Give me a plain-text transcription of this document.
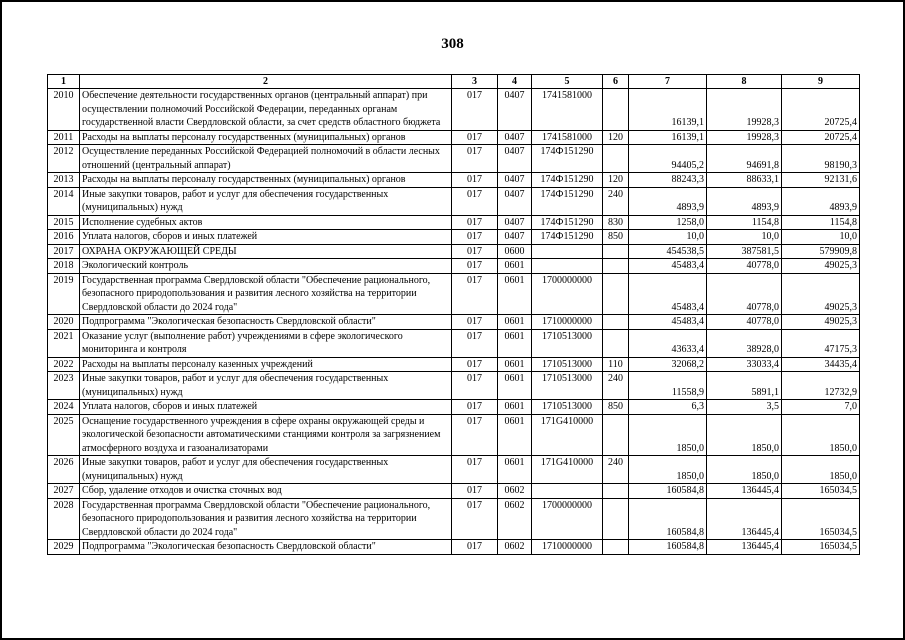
308
1	2	3	4	5	6	7	8	9
2010	Обеспечение деятельности государственных органов (центральный аппарат) при осуществлении полномочий Российской Федерации, переданных органам государственной власти Свердловской области, за счет средств областного бюджета	017	0407	1741581000		16139,1	19928,3	20725,4
2011	Расходы на выплаты персоналу государственных (муниципальных) органов	017	0407	1741581000	120	16139,1	19928,3	20725,4
2012	Осуществление переданных Российской Федерацией полномочий в области лесных отношений (центральный аппарат)	017	0407	174Ф151290		94405,2	94691,8	98190,3
2013	Расходы на выплаты персоналу государственных (муниципальных) органов	017	0407	174Ф151290	120	88243,3	88633,1	92131,6
2014	Иные закупки товаров, работ и услуг для обеспечения государственных (муниципальных) нужд	017	0407	174Ф151290	240	4893,9	4893,9	4893,9
2015	Исполнение судебных актов	017	0407	174Ф151290	830	1258,0	1154,8	1154,8
2016	Уплата налогов, сборов и иных платежей	017	0407	174Ф151290	850	10,0	10,0	10,0
2017	ОХРАНА ОКРУЖАЮЩЕЙ СРЕДЫ	017	0600			454538,5	387581,5	579909,8
2018	Экологический контроль	017	0601			45483,4	40778,0	49025,3
2019	Государственная программа Свердловской области "Обеспечение рационального, безопасного природопользования и развития лесного хозяйства на территории Свердловской области до 2024 года"	017	0601	1700000000		45483,4	40778,0	49025,3
2020	Подпрограмма "Экологическая безопасность Свердловской области"	017	0601	1710000000		45483,4	40778,0	49025,3
2021	Оказание услуг (выполнение работ) учреждениями в сфере экологического мониторинга и контроля	017	0601	1710513000		43633,4	38928,0	47175,3
2022	Расходы на выплаты персоналу казенных учреждений	017	0601	1710513000	110	32068,2	33033,4	34435,4
2023	Иные закупки товаров, работ и услуг для обеспечения государственных (муниципальных) нужд	017	0601	1710513000	240	11558,9	5891,1	12732,9
2024	Уплата налогов, сборов и иных платежей	017	0601	1710513000	850	6,3	3,5	7,0
2025	Оснащение государственного учреждения в сфере охраны окружающей среды и экологической безопасности автоматическими станциями контроля за загрязнением атмосферного воздуха и газоанализаторами	017	0601	171G410000		1850,0	1850,0	1850,0
2026	Иные закупки товаров, работ и услуг для обеспечения государственных (муниципальных) нужд	017	0601	171G410000	240	1850,0	1850,0	1850,0
2027	Сбор, удаление отходов и очистка сточных вод	017	0602			160584,8	136445,4	165034,5
2028	Государственная программа Свердловской области "Обеспечение рационального, безопасного природопользования и развития лесного хозяйства на территории Свердловской области до 2024 года"	017	0602	1700000000		160584,8	136445,4	165034,5
2029	Подпрограмма "Экологическая безопасность Свердловской области"	017	0602	1710000000		160584,8	136445,4	165034,5
